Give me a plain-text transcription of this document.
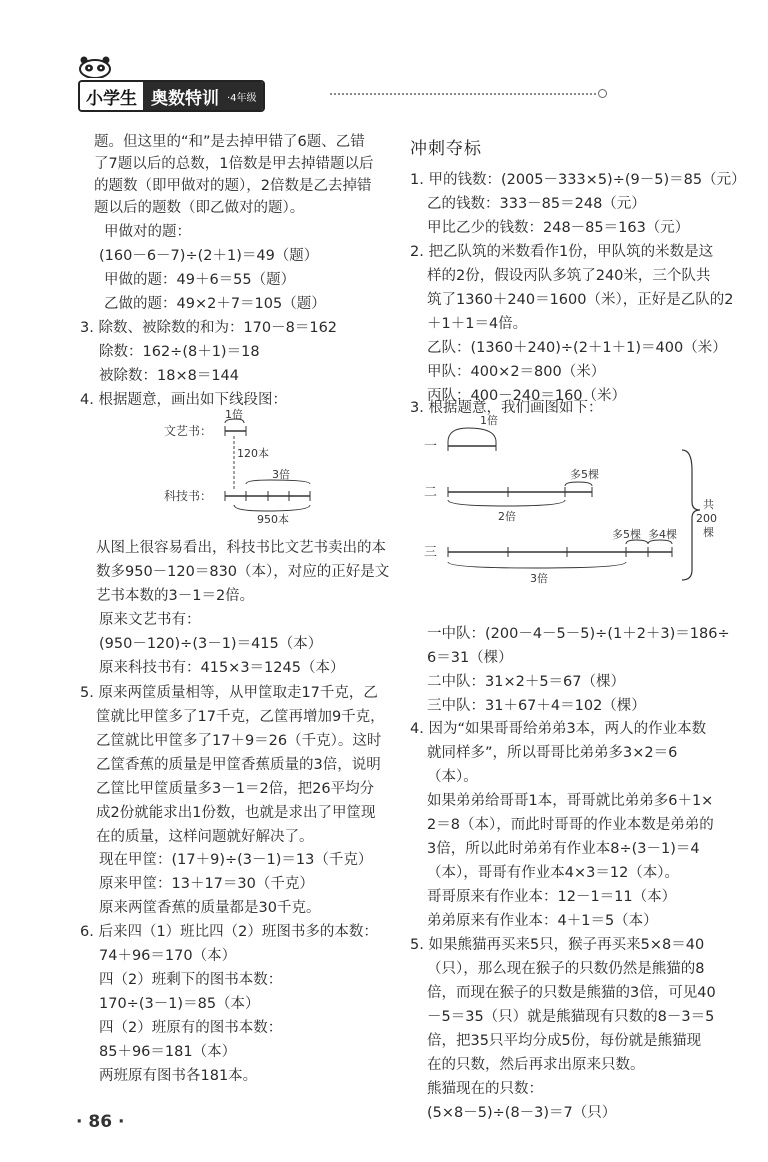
小学生 奥数特训 ·4年级
题。但这里的“和”是去掉甲错了6题、乙错
了7题以后的总数，1倍数是甲去掉错题以后
的题数（即甲做对的题），2倍数是乙去掉错
题以后的题数（即乙做对的题）。
甲做对的题：
(160－6－7)÷(2＋1)＝49（题）
甲做的题：49＋6＝55（题）
乙做的题：49×2＋7＝105（题）
3. 除数、被除数的和为：170－8＝162
除数：162÷(8＋1)＝18
被除数：18×8＝144
4. 根据题意，画出如下线段图：
从图上很容易看出，科技书比文艺书卖出的本
数多950－120＝830（本），对应的正好是文
艺书本数的3－1＝2倍。
原来文艺书有：
(950－120)÷(3－1)＝415（本）
原来科技书有：415×3＝1245（本）
5. 原来两筐质量相等，从甲筐取走17千克，乙
筐就比甲筐多了17千克，乙筐再增加9千克，
乙筐就比甲筐多了17＋9＝26（千克）。这时
乙筐香蕉的质量是甲筐香蕉质量的3倍，说明
乙筐比甲筐质量多3－1＝2倍，把26平均分
成2份就能求出1份数，也就是求出了甲筐现
在的质量，这样问题就好解决了。
现在甲筐：(17＋9)÷(3－1)＝13（千克）
原来甲筐：13＋17＝30（千克）
原来两筐香蕉的质量都是30千克。
6. 后来四（1）班比四（2）班图书多的本数：
74＋96＝170（本）
四（2）班剩下的图书本数：
170÷(3－1)＝85（本）
四（2）班原有的图书本数：
85＋96＝181（本）
两班原有图书各181本。
文艺书：
科技书：
1倍
120本
3倍
950本
冲刺夺标
1. 甲的钱数：(2005－333×5)÷(9－5)＝85（元）
乙的钱数：333－85＝248（元）
甲比乙少的钱数：248－85＝163（元）
2. 把乙队筑的米数看作1份，甲队筑的米数是这
样的2份，假设丙队多筑了240米，三个队共
筑了1360＋240＝1600（米），正好是乙队的2
＋1＋1＝4倍。
乙队：(1360＋240)÷(2＋1＋1)＝400（米）
甲队：400×2＝800（米）
丙队：400－240＝160（米）
3. 根据题意，我们画图如下：
一中队：(200－4－5－5)÷(1＋2＋3)＝186÷
6＝31（棵）
二中队：31×2＋5＝67（棵）
三中队：31＋67＋4＝102（棵）
4. 因为“如果哥哥给弟弟3本，两人的作业本数
就同样多”，所以哥哥比弟弟多3×2＝6
（本）。
如果弟弟给哥哥1本，哥哥就比弟弟多6＋1×
2＝8（本），而此时哥哥的作业本数是弟弟的
3倍，所以此时弟弟有作业本8÷(3－1)＝4
（本），哥哥有作业本4×3＝12（本）。
哥哥原来有作业本：12－1＝11（本）
弟弟原来有作业本：4＋1＝5（本）
5. 如果熊猫再买来5只，猴子再买来5×8＝40
（只），那么现在猴子的只数仍然是熊猫的8
倍，而现在猴子的只数是熊猫的3倍，可见40
－5＝35（只）就是熊猫现有只数的8－3＝5
倍，把35只平均分成5份，每份就是熊猫现
在的只数，然后再求出原来只数。
熊猫现在的只数：
(5×8－5)÷(8－3)＝7（只）
1倍
一
多5棵
二
2倍
多5棵 多4棵
三
3倍
共
200
棵
· 86 ·
